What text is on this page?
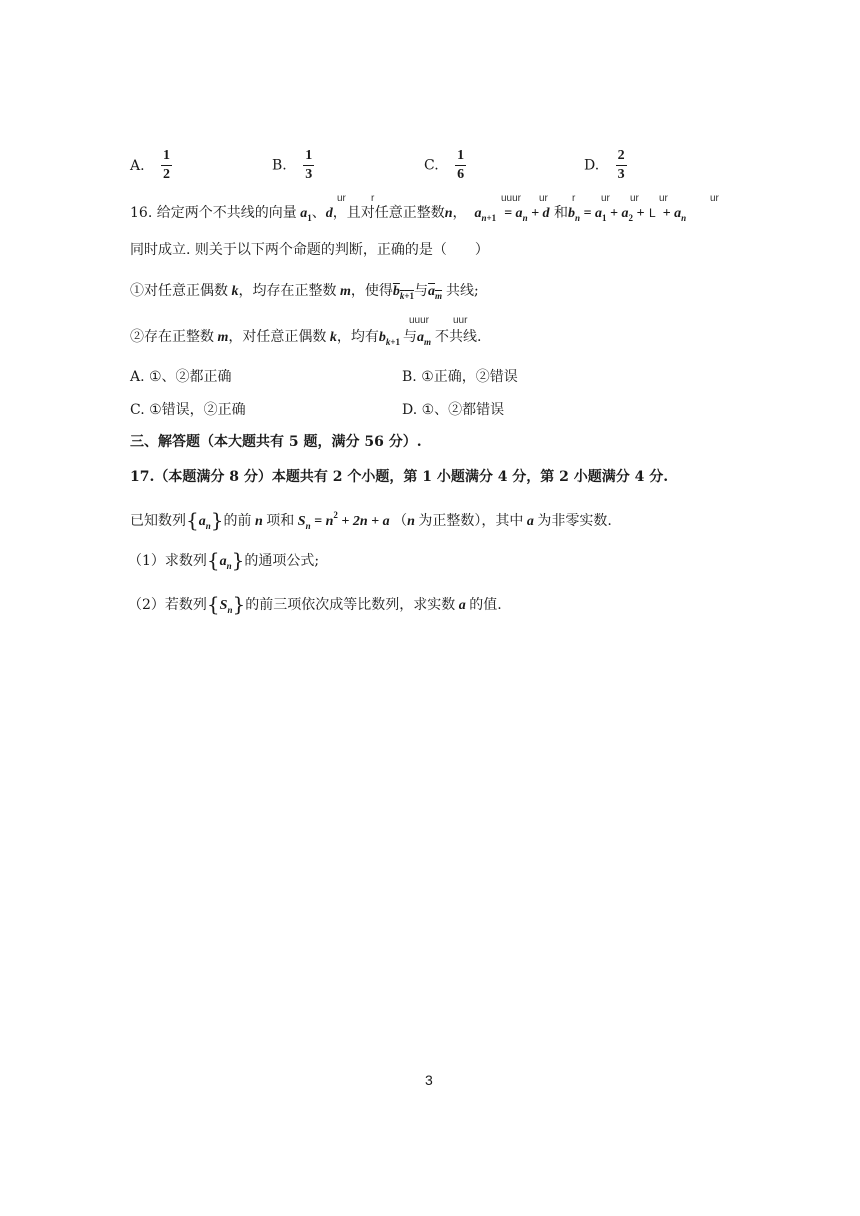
A. $\frac{1}{2}$	B. $\frac{1}{3}$	C. $\frac{1}{6}$	D. $\frac{2}{3}$
ur	r	uuur ur r	ur ur ur	ur
16. 给定两个不共线的向量 $a_1$、d，且对任意正整数n，  $a_{n+1} = a_n + d$ 和$b_n = a_1 + a_2 + L + a_n$
同时成立. 则关于以下两个命题的判断，正确的是（　　）
①对任意正偶数 k，均存在正整数 m，使得$b_{k+1}$与$a_m$ 共线;
uuur uur
②存在正整数 m，对任意正偶数 k，均有$b_{k+1}$ 与$a_m$ 不共线.
A. ①、②都正确	B. ①正确，②错误
C. ①错误，②正确	D. ①、②都错误
三、解答题（本大题共有 5 题，满分 56 分）.
17.（本题满分 8 分）本题共有 2 个小题，第 1 小题满分 4 分，第 2 小题满分 4 分.
已知数列$\{a_n\}$的前 n 项和 $S_n = n^2 + 2n + a$ （n 为正整数），其中 a 为非零实数.
（1）求数列$\{a_n\}$的通项公式;
（2）若数列$\{S_n\}$的前三项依次成等比数列，求实数 a 的值.
3
